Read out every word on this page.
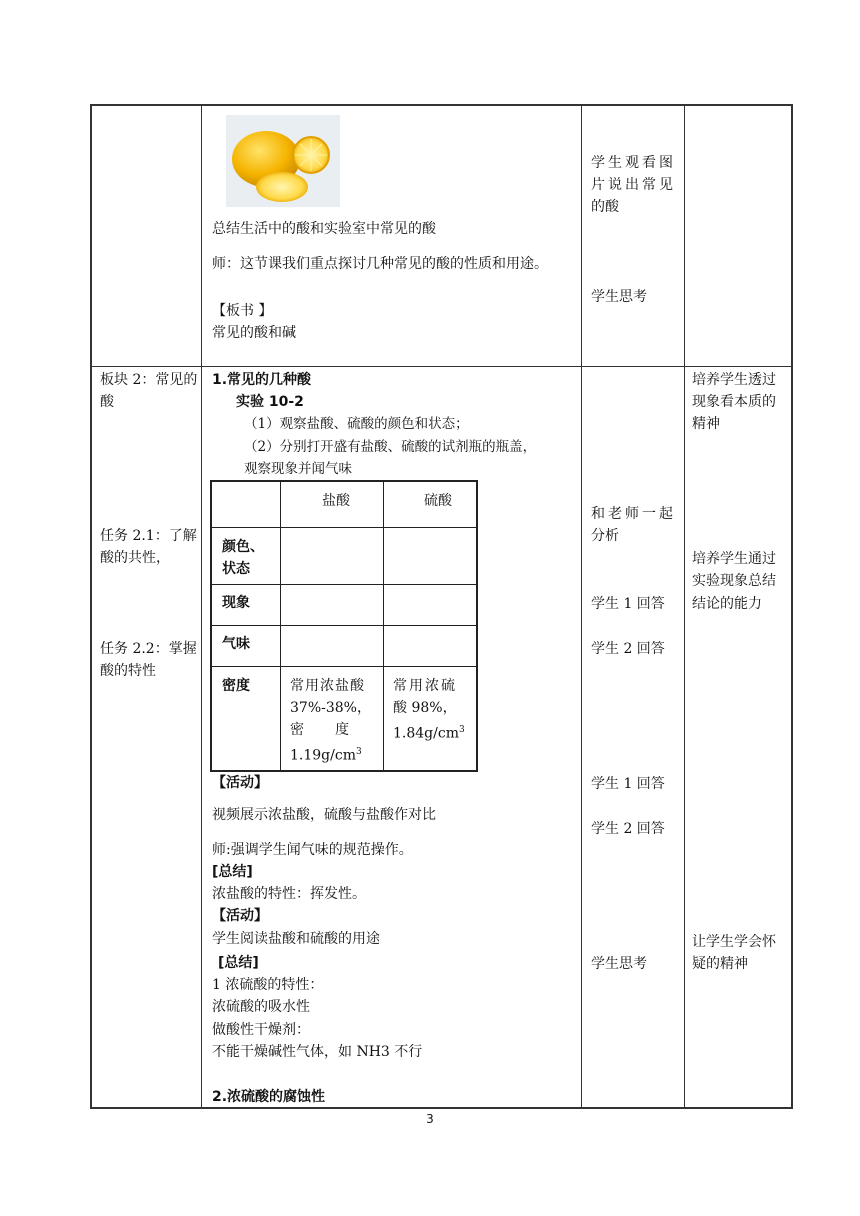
总结生活中的酸和实验室中常见的酸
师：这节课我们重点探讨几种常见的酸的性质和用途。
【板书 】
常见的酸和碱
学生观看图
片说出常见
的酸
学生思考
板块 2：常见的
酸
任务 2.1：了解
酸的共性，
任务 2.2：掌握
酸的特性
1.常见的几种酸
实验 10-2
（1）观察盐酸、硫酸的颜色和状态；
（2）分别打开盛有盐酸、硫酸的试剂瓶的瓶盖，
观察现象并闻气味
盐酸	硫酸
颜色、
状态
现象
气味
密度	常用浓盐酸
37%-38%，
密       度
$1.19g/cm^3$
常用浓硫
酸 98%，
$1.84g/cm^3$
【活动】
视频展示浓盐酸，硫酸与盐酸作对比
师:强调学生闻气味的规范操作。
[总结]
浓盐酸的特性：挥发性。
【活动】
学生阅读盐酸和硫酸的用途
[总结]
1 浓硫酸的特性：
浓硫酸的吸水性
做酸性干燥剂：
不能干燥碱性气体，如 NH3 不行
2.浓硫酸的腐蚀性
和老师一起
分析
学生 1 回答
学生 2 回答
学生 1 回答
学生 2 回答
学生思考
培养学生透过
现象看本质的
精神
培养学生通过
实验现象总结
结论的能力
让学生学会怀
疑的精神
3
